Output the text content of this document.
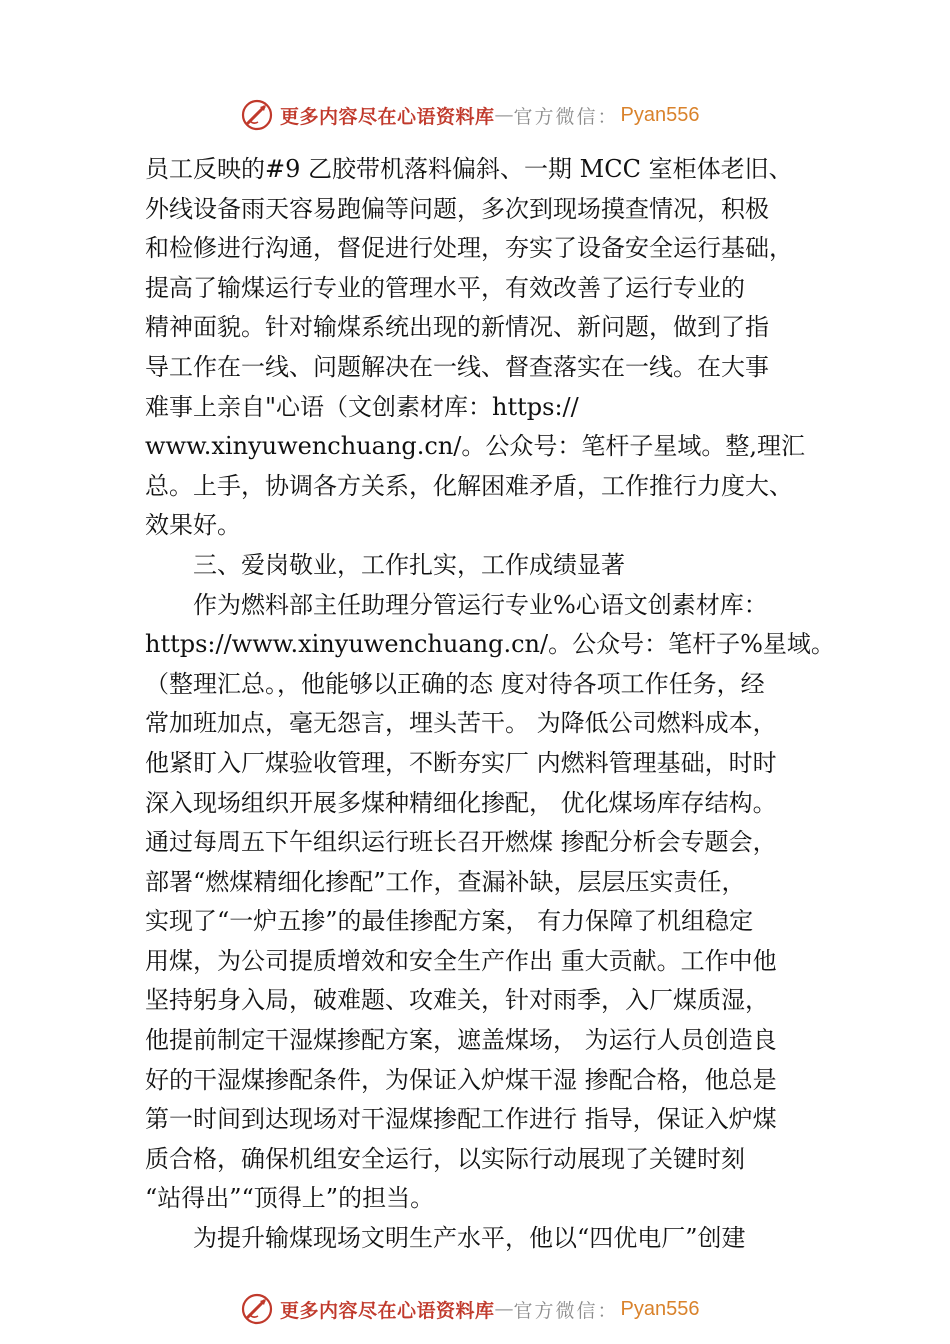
更多内容尽在心语资料库 — 官方微信： Pyan556
员工反映的#9 乙胶带机落料偏斜、一期 MCC 室柜体老旧、
外线设备雨天容易跑偏等问题，多次到现场摸查情况，积极
和检修进行沟通，督促进行处理，夯实了设备安全运行基础，
提高了输煤运行专业的管理水平，有效改善了运行专业的
精神面貌。针对输煤系统出现的新情况、新问题，做到了指
导工作在一线、问题解决在一线、督查落实在一线。在大事
难事上亲自"心语（文创素材库：https://
www.xinyuwenchuang.cn/。公众号：笔杆子星域。整,理汇
总。上手，协调各方关系，化解困难矛盾，工作推行力度大、
效果好。
三、爱岗敬业，工作扎实，工作成绩显著
作为燃料部主任助理分管运行专业%心语文创素材库：
https://www.xinyuwenchuang.cn/。公众号：笔杆子%星域。
（整理汇总。，他能够以正确的态 度对待各项工作任务，经
常加班加点，毫无怨言，埋头苦干。 为降低公司燃料成本，
他紧盯入厂煤验收管理，不断夯实厂 内燃料管理基础，时时
深入现场组织开展多煤种精细化掺配， 优化煤场库存结构。
通过每周五下午组织运行班长召开燃煤 掺配分析会专题会，
部署“燃煤精细化掺配”工作，查漏补缺，层层压实责任，
实现了“一炉五掺”的最佳掺配方案， 有力保障了机组稳定
用煤，为公司提质增效和安全生产作出 重大贡献。工作中他
坚持躬身入局，破难题、攻难关，针对雨季，入厂煤质湿，
他提前制定干湿煤掺配方案，遮盖煤场， 为运行人员创造良
好的干湿煤掺配条件，为保证入炉煤干湿 掺配合格，他总是
第一时间到达现场对干湿煤掺配工作进行 指导，保证入炉煤
质合格，确保机组安全运行，以实际行动展现了关键时刻
“站得出”“顶得上”的担当。
为提升输煤现场文明生产水平，他以“四优电厂”创建
更多内容尽在心语资料库 — 官方微信： Pyan556
